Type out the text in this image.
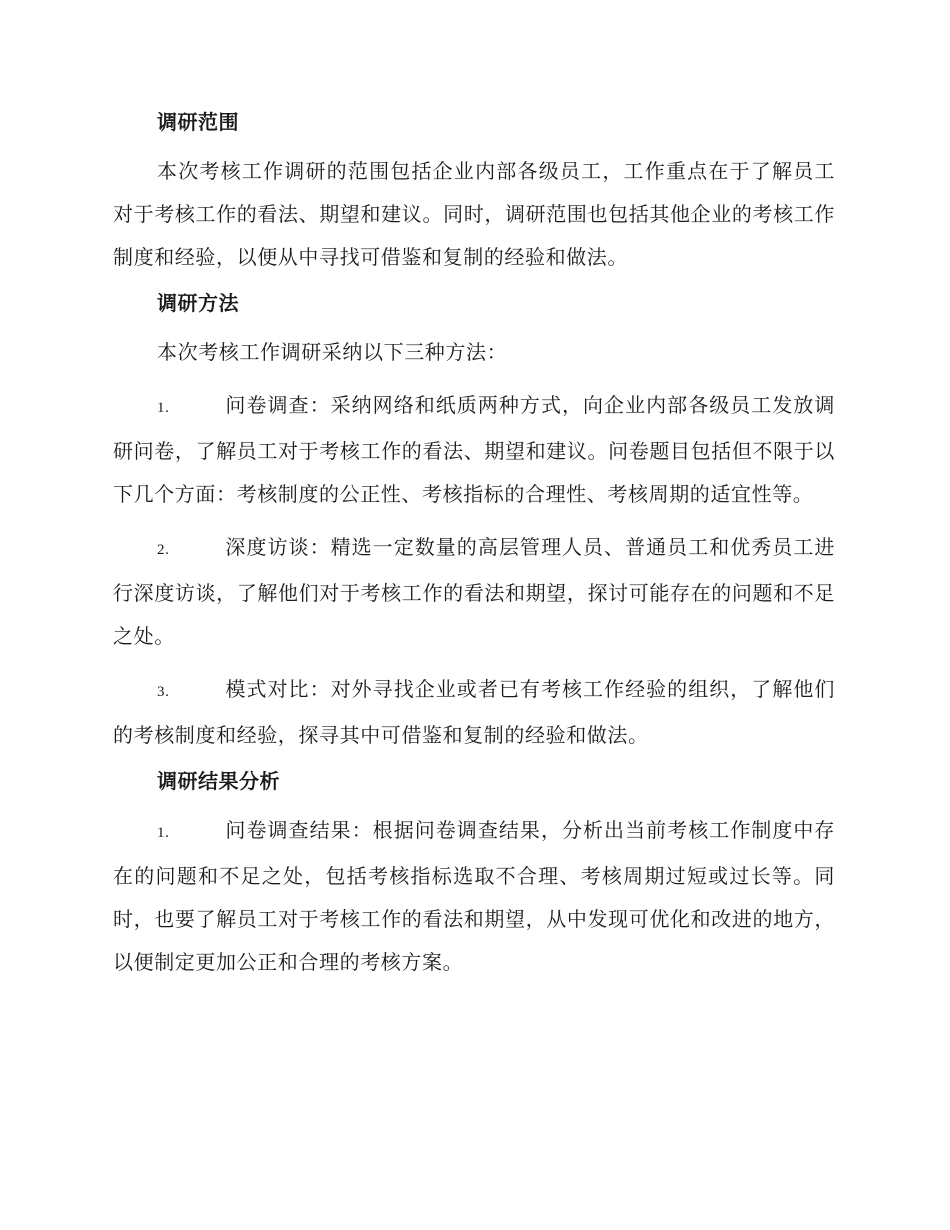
调研范围

本次考核工作调研的范围包括企业内部各级员工，工作重点在于了解员工对于考核工作的看法、期望和建议。同时，调研范围也包括其他企业的考核工作制度和经验，以便从中寻找可借鉴和复制的经验和做法。

调研方法

本次考核工作调研采纳以下三种方法：

1.	问卷调查：采纳网络和纸质两种方式，向企业内部各级员工发放调研问卷，了解员工对于考核工作的看法、期望和建议。问卷题目包括但不限于以下几个方面：考核制度的公正性、考核指标的合理性、考核周期的适宜性等。

2.	深度访谈：精选一定数量的高层管理人员、普通员工和优秀员工进行深度访谈，了解他们对于考核工作的看法和期望，探讨可能存在的问题和不足之处。

3.	模式对比：对外寻找企业或者已有考核工作经验的组织，了解他们的考核制度和经验，探寻其中可借鉴和复制的经验和做法。

调研结果分析

1.	问卷调查结果：根据问卷调查结果，分析出当前考核工作制度中存在的问题和不足之处，包括考核指标选取不合理、考核周期过短或过长等。同时，也要了解员工对于考核工作的看法和期望，从中发现可优化和改进的地方，以便制定更加公正和合理的考核方案。
